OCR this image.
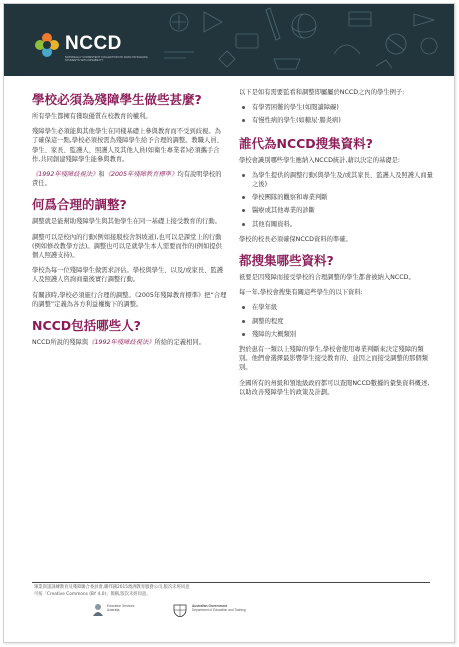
NCCD
NATIONALLY CONSISTENT COLLECTION OF DATA ON SCHOOL STUDENTS WITH DISABILITY
學校必須為殘障學生做些甚麼?

所有學生都擁有獲取優質在校教育的權利。

殘障學生必須能與其他學生在同樣基礎上參與教育而不受到歧視。為了確保這一點,學校必須按需為殘障學生給予合理的調整。教職人員、學生、家長、監護人、照護人及其他人員(如衛生專業者)必須攜手合作,共同創建殘障學生能參與教育。

《1992年殘障歧視法》和《2005年殘障教育標準》均有說明學校的責任。

何爲合理的調整?

調整就是能幫助殘障學生與其他學生在同一基礎上接受教育的行動。

調整可以是校內的行動(例如接駁校舍斜坡道),也可以是課堂上的行動(例如修改教學方法)。調整也可以是就學生本人需要而作的(例如提供個人照護支持)。

學校為每一位殘障學生做需求評估。學校與學生、以及/或家長、監護人及照護人咨詢商量後實行調整行動。

有關該時,學校必須施行合理的調整。《2005年殘障教育標準》把“合理的調整”定義為各方利益權衡下的調整。

NCCD包括哪些人?

NCCD所說的殘障與《1992年殘障歧視法》所給的定義相同。

以下是如有需要監看和調整即屬屬於NCCD之內的學生例子:

有學習困難的學生(如閱讀障礙)
有慢性病的學生(如糖尿·腸炎病)
誰代為NCCD搜集資料?

學校會識別哪些學生應納入NCCD統計,藉以決定的基礎是:

為學生提供的調整行動(與學生及/或其家長、監護人及照護人商量之後)
學校團隊的觀察和專業判斷
醫療或其他專業的診斷
其他有關資料。

學校的校長必須確保NCCD資料的準確。

都搜集哪些資料?

祇要是因殘障而接受學校的合理調整的學生都會被納入NCCD。

每一年,學校會搜集有關這些學生的以下資料:

在學年級
調整的程度
殘障的大概類別

對於患有一類以上殘障的學生,學校會使用專業判斷來決定殘障的類別。他們會選擇最影響學生接受教育的、並因之而接受調整的那個類別。

全國所有的州級和領地級政府都可以查閱NCCD數據的彙集資料概述,以助改善殘障學生的政策及計劃。

畢業與諸訓練教育及殘障聯合委員會,聯邦國2015澳洲教育服務公司,版次未經同意
可按「Creative Commons (BY 4.0)」簡稱,版次未經同意。
Education Services Australia
Australian Government
Department of Education and Training
